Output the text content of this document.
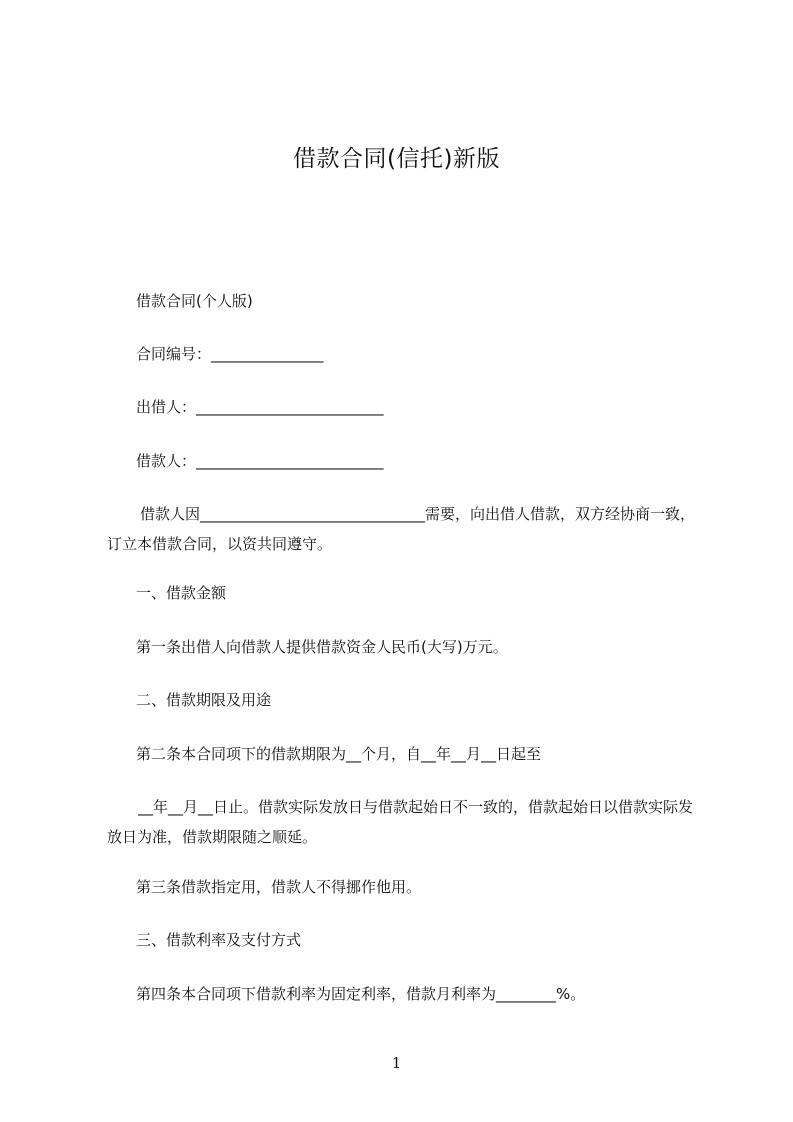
借款合同(信托)新版
借款合同(个人版)
合同编号：_______________
出借人：_________________________
借款人：_________________________
借款人因______________________________需要，向出借人借款，双方经协商一致，订立本借款合同，以资共同遵守。
一、借款金额
第一条出借人向借款人提供借款资金人民币(大写)万元。
二、借款期限及用途
第二条本合同项下的借款期限为__个月，自__年__月__日起至
__年__月__日止。借款实际发放日与借款起始日不一致的，借款起始日以借款实际发放日为准，借款期限随之顺延。
第三条借款指定用，借款人不得挪作他用。
三、借款利率及支付方式
第四条本合同项下借款利率为固定利率，借款月利率为________%。
1
